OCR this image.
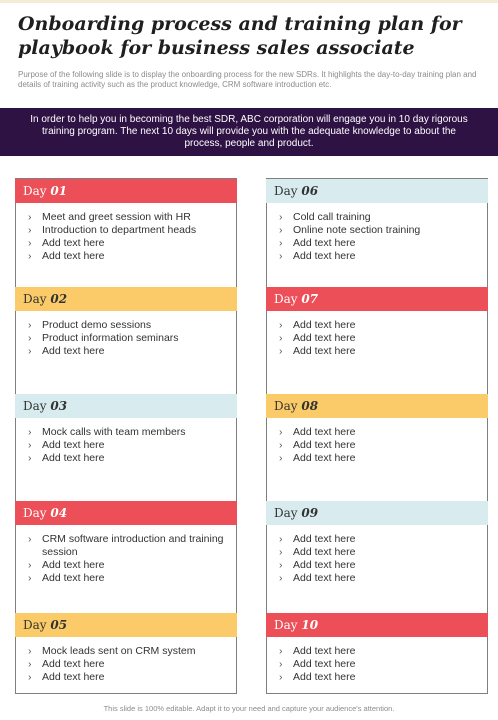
Onboarding process and training plan for playbook for business sales associate

Purpose of the following slide is to display the onboarding process for the new SDRs. It highlights the day-to-day training plan and details of training activity such as the product knowledge, CRM software introduction etc.

In order to help you in becoming the best SDR, ABC corporation will engage you in 10 day rigorous training program. The next 10 days will provide you with the adequate knowledge to about the process, people and product.

Day 01
› Meet and greet session with HR
› Introduction to department heads
› Add text here
› Add text here
Day 02
› Product demo sessions
› Product information seminars
› Add text here
Day 03
› Mock calls with team members
› Add text here
› Add text here
Day 04
› CRM software introduction and training session
› Add text here
› Add text here
Day 05
› Mock leads sent on CRM system
› Add text here
› Add text here
Day 06
› Cold call training
› Online note section training
› Add text here
› Add text here
Day 07
› Add text here
› Add text here
› Add text here
Day 08
› Add text here
› Add text here
› Add text here
Day 09
› Add text here
› Add text here
› Add text here
› Add text here
Day 10
› Add text here
› Add text here
› Add text here

This slide is 100% editable. Adapt it to your need and capture your audience's attention.
